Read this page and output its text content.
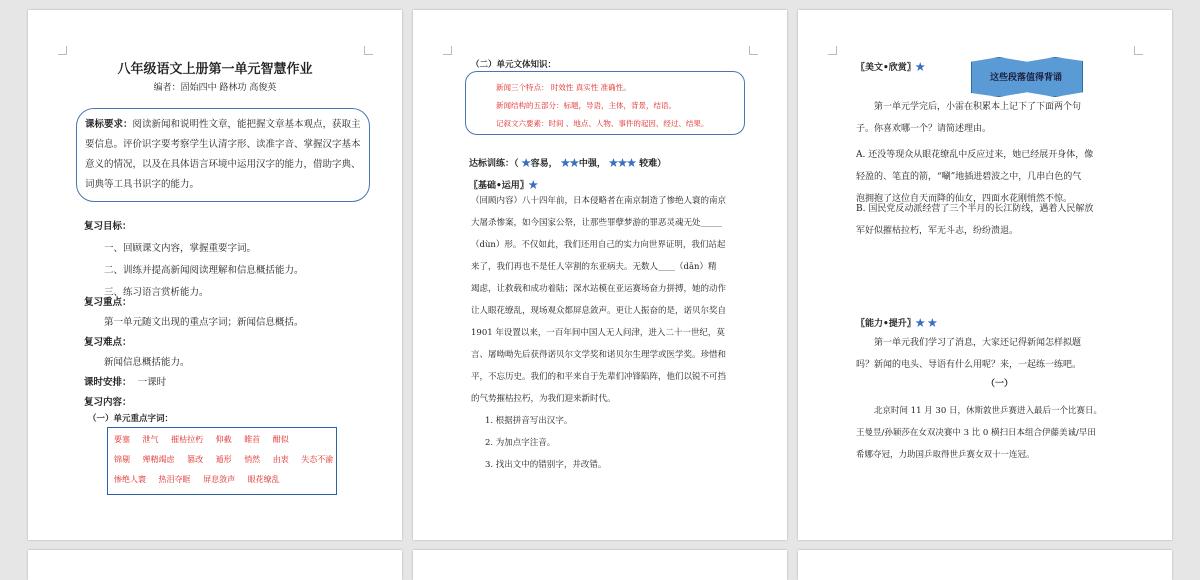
八年级语文上册第一单元智慧作业
编者：固始四中 路林功 高俊英
课标要求：阅读新闻和说明性文章，能把握文章基本观点，获取主要信息。评价识字要考察学生认清字形、读准字音、掌握汉字基本意义的情况，以及在具体语言环境中运用汉字的能力，借助字典、词典等工具书识字的能力。
复习目标：
一、回顾课文内容，掌握重要字词。
二、训练并提高新闻阅读理解和信息概括能力。
三、练习语言赏析能力。
复习重点：
第一单元随文出现的重点字词；新闻信息概括。
复习难点：
新闻信息概括能力。
课时安排： 一课时
复习内容：
要塞 泄气 摧枯拉朽 仰截 睢首 酣似
锦剔 殚精竭虑 篡改 遁形 悄然 由衷 失态不渝
惨绝人寰 热泪夺眶 屏息敛声 眼花缭乱
（一）单元重点字词：
（二）单元文体知识：
新闻三个特点： 时效性 真实性 准确性。
新闻结构的五部分：标题，导语，主体，背景，结语。
记叙文六要素：时间 、地点、人物、事件的起因、经过、结果。
达标训练：（ ★容易， ★★中强， ★★★ 较难）
〖基础•运用〗★
（回顾内容）八十四年前，日本侵略者在南京制造了惨绝人寰的南京
大屠杀惨案，如今国家公祭，让那些罪孽梦游的罪恶灵魂无处_____
（dùn）形。不仅如此，我们还用自己的实力向世界证明，我们站起
来了，我们再也不是任人宰割的东亚病夫。无数人____（dān）精
竭虑，让救载和成功着陆；深水站模在亚运赛场奋力拼搏，她的动作
让人眼花缭乱，现场观众都屏息敛声。更让人振奋的是，诺贝尔奖自
1901 年设置以来，一百年间中国人无人问津，进入二十一世纪，莫
言、屠呦呦先后获得诺贝尔文学奖和诺贝尔生理学或医学奖。珍惜和
平，不忘历史。我们的和平来自于先辈们冲锋陷阵，他们以锐不可挡
的气势摧枯拉朽，为我们迎来新时代。
1. 根据拼音写出汉字。
2. 为加点字注音。
3. 找出文中的错别字，并改错。
〖美文•欣赏〗★
这些段落值得背诵
第一单元学完后，小雷在积累本上记下了下面两个句
子。你喜欢哪一个？请简述理由。
A. 还没等现众从眼花缭乱中反应过来，她已经展开身体，像
轻盈的、笔直的箭，“唰”地插进碧波之中，几串白色的气
泡拥抱了这位自天而降的仙女，四面水花刚悄然不惊。
B. 国民党反动派经营了三个半月的长江防线，遇着人民解放
军好似摧枯拉朽，军无斗志，纷纷溃退。
〖能力•提升〗★ ★
第一单元我们学习了消息，大家还记得新闻怎样拟题
吗？新闻的电头、导语有什么用呢？来，一起练一练吧。
（一）
北京时间 11 月 30 日，休斯敦世乒赛进入最后一个比赛日。
王曼昱/孙颖莎在女双决赛中 3 比 0 横扫日本组合伊藤美诚/早田
希娜夺冠，力助国乒取得世乒赛女双十一连冠。
